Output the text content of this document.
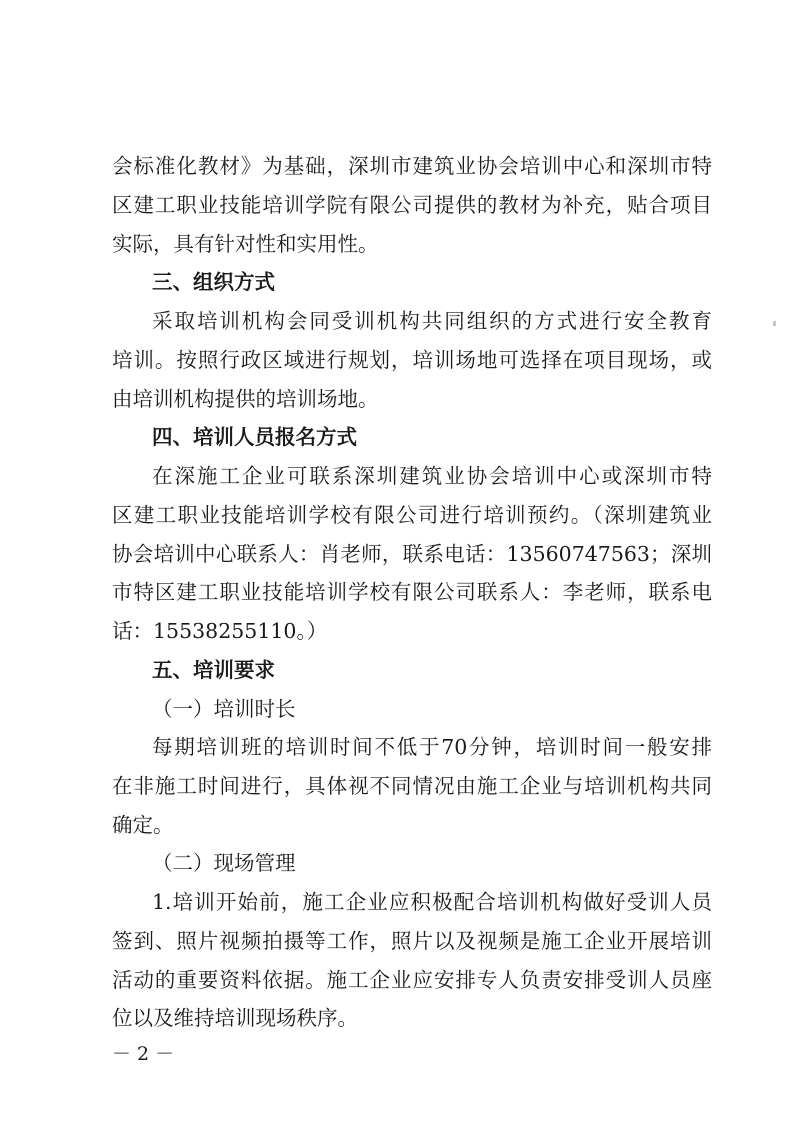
会标准化教材》为基础，深圳市建筑业协会培训中心和深圳市特
区建工职业技能培训学院有限公司提供的教材为补充，贴合项目
实际，具有针对性和实用性。
三、组织方式
采取培训机构会同受训机构共同组织的方式进行安全教育
培训。按照行政区域进行规划，培训场地可选择在项目现场，或
由培训机构提供的培训场地。
四、培训人员报名方式
在深施工企业可联系深圳建筑业协会培训中心或深圳市特
区建工职业技能培训学校有限公司进行培训预约。（深圳建筑业
协会培训中心联系人：肖老师，联系电话：13560747563；深圳
市特区建工职业技能培训学校有限公司联系人：李老师，联系电
话：15538255110。）
五、培训要求
（一）培训时长
每期培训班的培训时间不低于70分钟，培训时间一般安排
在非施工时间进行，具体视不同情况由施工企业与培训机构共同
确定。
（二）现场管理
1.培训开始前，施工企业应积极配合培训机构做好受训人员
签到、照片视频拍摄等工作，照片以及视频是施工企业开展培训
活动的重要资料依据。施工企业应安排专人负责安排受训人员座
位以及维持培训现场秩序。
－ 2 －
